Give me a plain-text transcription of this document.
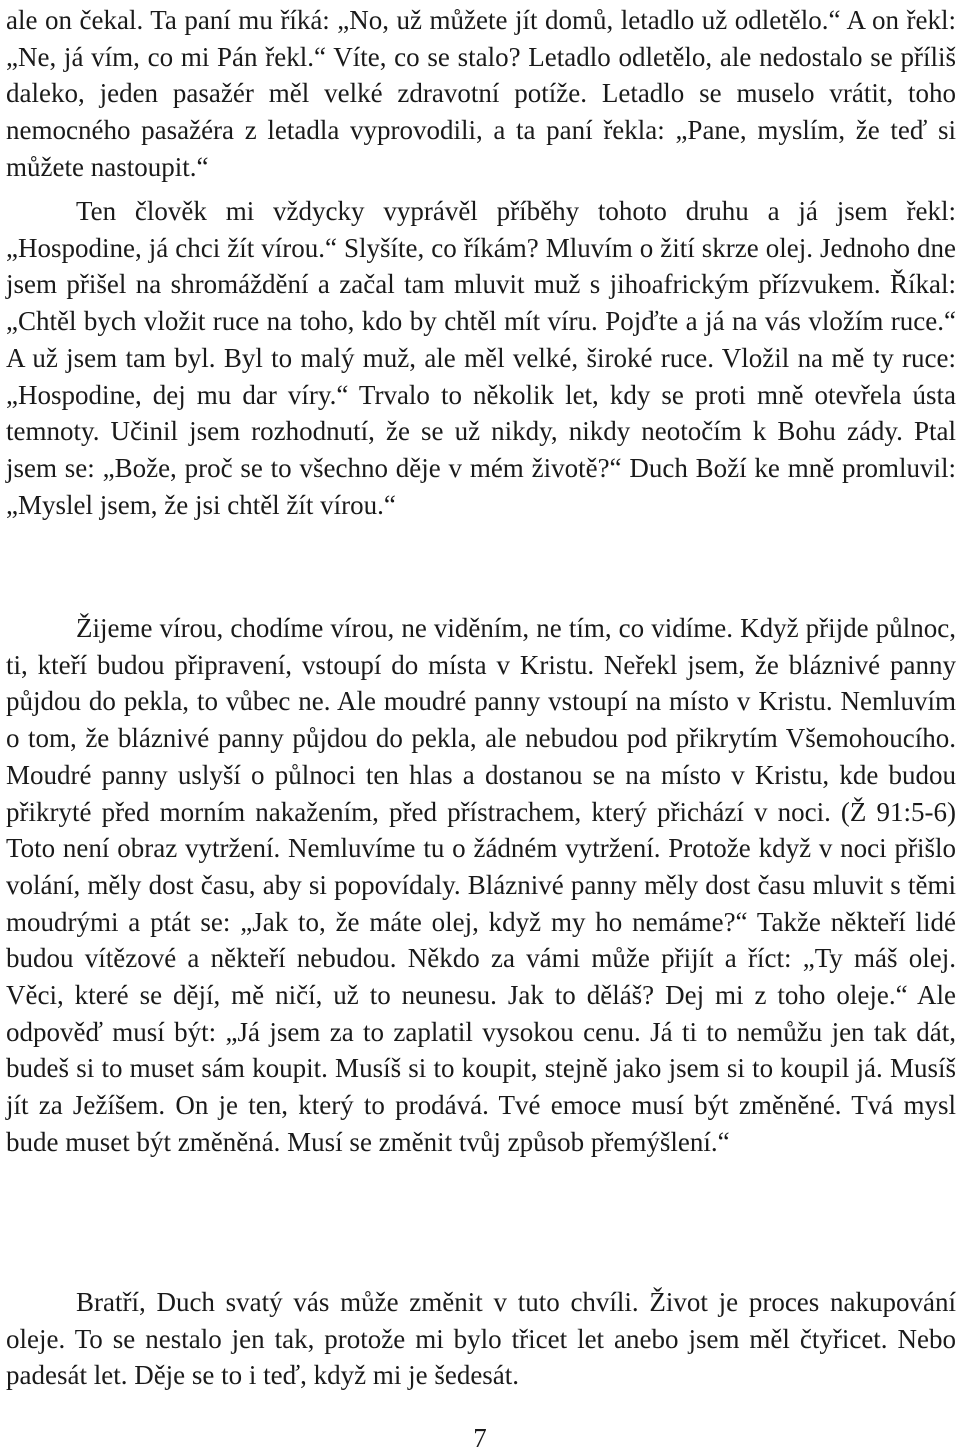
ale on čekal. Ta paní mu říká: „No, už můžete jít domů, letadlo už odletělo.“ A on řekl: „Ne, já vím, co mi Pán řekl.“ Víte, co se stalo? Letadlo odletělo, ale nedostalo se příliš daleko, jeden pasažér měl velké zdravotní potíže. Letadlo se muselo vrátit, toho nemocného pasažéra z letadla vyprovodili, a ta paní řekla: „Pane, myslím, že teď si můžete nastoupit.“

Ten člověk mi vždycky vyprávěl příběhy tohoto druhu a já jsem řekl: „Hospodine, já chci žít vírou.“ Slyšíte, co říkám? Mluvím o žití skrze olej. Jednoho dne jsem přišel na shromáždění a začal tam mluvit muž s jihoafrickým přízvukem. Říkal: „Chtěl bych vložit ruce na toho, kdo by chtěl mít víru. Pojďte a já na vás vložím ruce.“ A už jsem tam byl. Byl to malý muž, ale měl velké, široké ruce. Vložil na mě ty ruce: „Hospodine, dej mu dar víry.“ Trvalo to několik let, kdy se proti mně otevřela ústa temnoty. Učinil jsem rozhodnutí, že se už nikdy, nikdy neotočím k Bohu zády. Ptal jsem se: „Bože, proč se to všechno děje v mém životě?“ Duch Boží ke mně promluvil: „Myslel jsem, že jsi chtěl žít vírou.“

Žijeme vírou, chodíme vírou, ne viděním, ne tím, co vidíme. Když přijde půlnoc, ti, kteří budou připravení, vstoupí do místa v Kristu. Neřekl jsem, že bláznivé panny půjdou do pekla, to vůbec ne. Ale moudré panny vstoupí na místo v Kristu. Nemluvím o tom, že bláznivé panny půjdou do pekla, ale nebudou pod přikrytím Všemohoucího. Moudré panny uslyší o půlnoci ten hlas a dostanou se na místo v Kristu, kde budou přikryté před morním nakažením, před přístrachem, který přichází v noci. (Ž 91:5-6) Toto není obraz vytržení. Nemluvíme tu o žádném vytržení. Protože když v noci přišlo volání, měly dost času, aby si popovídaly. Bláznivé panny měly dost času mluvit s těmi moudrými a ptát se: „Jak to, že máte olej, když my ho nemáme?“ Takže někteří lidé budou vítězové a někteří nebudou. Někdo za vámi může přijít a říct: „Ty máš olej. Věci, které se dějí, mě ničí, už to neunesu. Jak to děláš? Dej mi z toho oleje.“ Ale odpověď musí být: „Já jsem za to zaplatil vysokou cenu. Já ti to nemůžu jen tak dát, budeš si to muset sám koupit. Musíš si to koupit, stejně jako jsem si to koupil já. Musíš jít za Ježíšem. On je ten, který to prodává. Tvé emoce musí být změněné. Tvá mysl bude muset být změněná. Musí se změnit tvůj způsob přemýšlení.“

Bratří, Duch svatý vás může změnit v tuto chvíli. Život je proces nakupování oleje. To se nestalo jen tak, protože mi bylo třicet let anebo jsem měl čtyřicet. Nebo padesát let. Děje se to i teď, když mi je šedesát.

7
